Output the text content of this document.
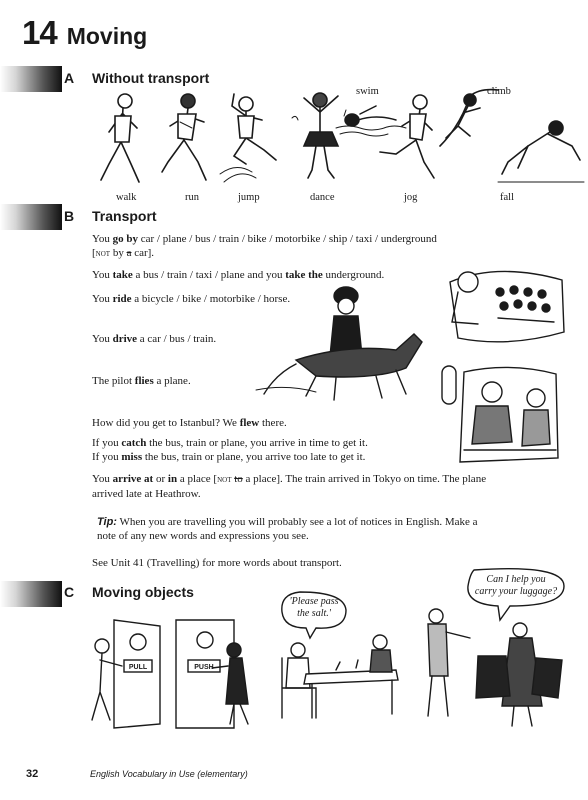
14 Moving
A Without transport
swim	climb
walk	run	jump	dance	jog	fall
B Transport
You go by car / plane / bus / train / bike / motorbike / ship / taxi / underground
[not by a car].
You take a bus / train / taxi / plane and you take the underground.
You ride a bicycle / bike / motorbike / horse.
You drive a car / bus / train.
The pilot flies a plane.
How did you get to Istanbul? We flew there.
If you catch the bus, train or plane, you arrive in time to get it.
If you miss the bus, train or plane, you arrive too late to get it.
You arrive at or in a place [not to a place]. The train arrived in Tokyo on time. The plane
arrived late at Heathrow.
Tip: When you are travelling you will probably see a lot of notices in English. Make a
note of any new words and expressions you see.
See Unit 41 (Travelling) for more words about transport.
C Moving objects
PULL	PUSH
'Please pass
the salt.'
Can I help you
carry your luggage?
32	English Vocabulary in Use (elementary)
